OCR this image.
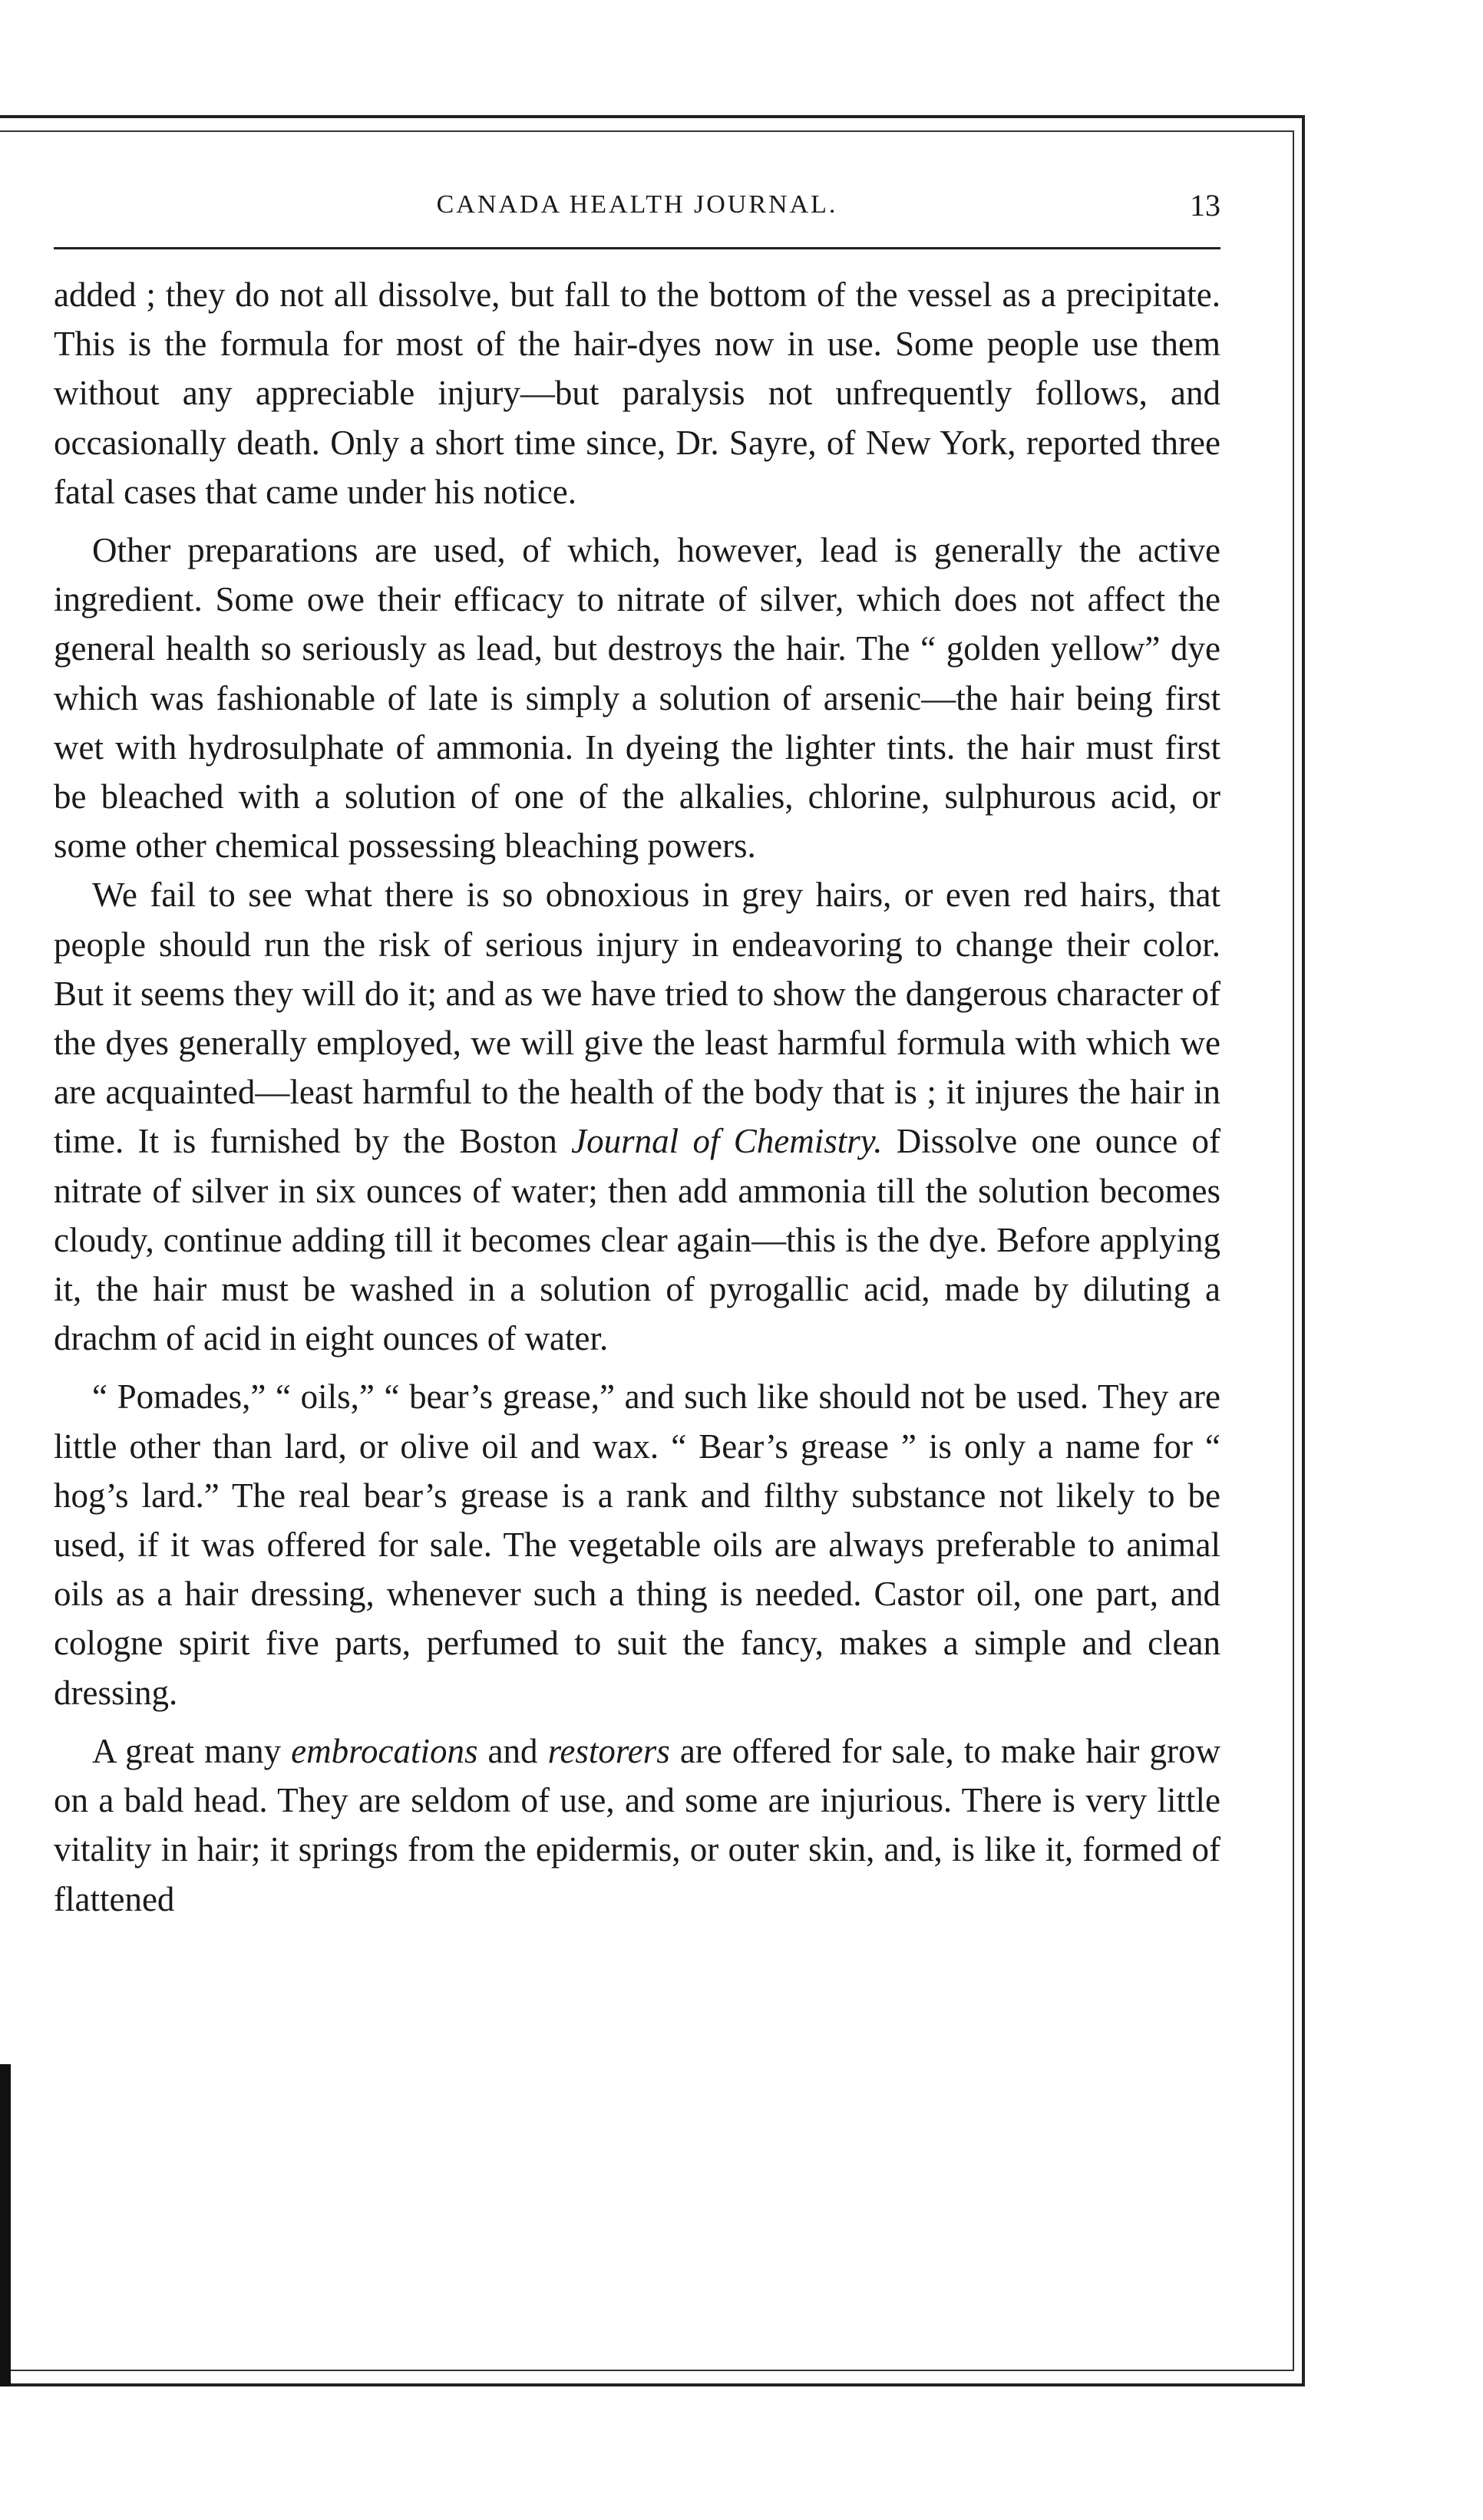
CANADA HEALTH JOURNAL.	13

added ; they do not all dissolve, but fall to the bottom of the vessel as a precipitate. This is the formula for most of the hair-dyes now in use. Some people use them without any appreciable injury—but paralysis not unfrequently follows, and occasionally death. Only a short time since, Dr. Sayre, of New York, reported three fatal cases that came under his notice.

Other preparations are used, of which, however, lead is generally the active ingredient. Some owe their efficacy to nitrate of silver, which does not affect the general health so seriously as lead, but destroys the hair. The “ golden yellow” dye which was fashionable of late is simply a solution of arsenic—the hair being first wet with hydrosulphate of ammonia. In dyeing the lighter tints. the hair must first be bleached with a solution of one of the alkalies, chlorine, sulphurous acid, or some other chemical possessing bleaching powers.

We fail to see what there is so obnoxious in grey hairs, or even red hairs, that people should run the risk of serious injury in endeavoring to change their color. But it seems they will do it; and as we have tried to show the dangerous character of the dyes generally employed, we will give the least harmful formula with which we are acquainted—least harmful to the health of the body that is ; it injures the hair in time. It is furnished by the Boston Journal of Chemistry. Dissolve one ounce of nitrate of silver in six ounces of water; then add ammonia till the solution becomes cloudy, continue adding till it becomes clear again—this is the dye. Before applying it, the hair must be washed in a solution of pyrogallic acid, made by diluting a drachm of acid in eight ounces of water.

“ Pomades,” “ oils,” “ bear’s grease,” and such like should not be used. They are little other than lard, or olive oil and wax. “ Bear’s grease ” is only a name for “ hog’s lard.” The real bear’s grease is a rank and filthy substance not likely to be used, if it was offered for sale. The vegetable oils are always preferable to animal oils as a hair dressing, whenever such a thing is needed. Castor oil, one part, and cologne spirit five parts, perfumed to suit the fancy, makes a simple and clean dressing.

A great many embrocations and restorers are offered for sale, to make hair grow on a bald head. They are seldom of use, and some are injurious. There is very little vitality in hair; it springs from the epidermis, or outer skin, and, is like it, formed of flattened
